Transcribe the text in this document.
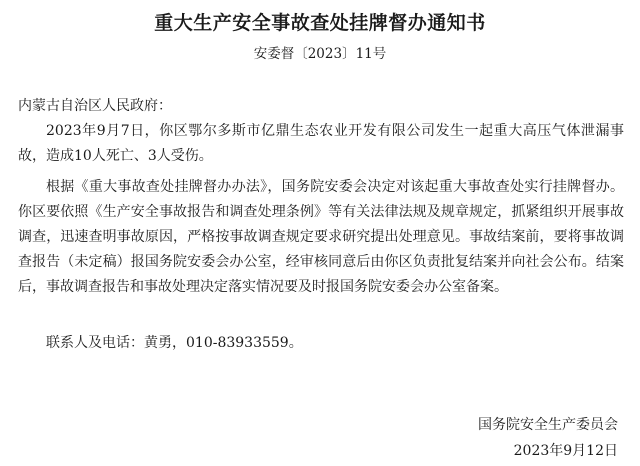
重大生产安全事故查处挂牌督办通知书
安委督〔2023〕11号
内蒙古自治区人民政府：

2023年9月7日，你区鄂尔多斯市亿鼎生态农业开发有限公司发生一起重大高压气体泄漏事故，造成10人死亡、3人受伤。

根据《重大事故查处挂牌督办办法》，国务院安委会决定对该起重大事故查处实行挂牌督办。你区要依照《生产安全事故报告和调查处理条例》等有关法律法规及规章规定，抓紧组织开展事故调查，迅速查明事故原因，严格按事故调查规定要求研究提出处理意见。事故结案前，要将事故调查报告（未定稿）报国务院安委会办公室，经审核同意后由你区负责批复结案并向社会公布。结案后，事故调查报告和事故处理决定落实情况要及时报国务院安委会办公室备案。

联系人及电话：黄勇，010-83933559。
国务院安全生产委员会
2023年9月12日
